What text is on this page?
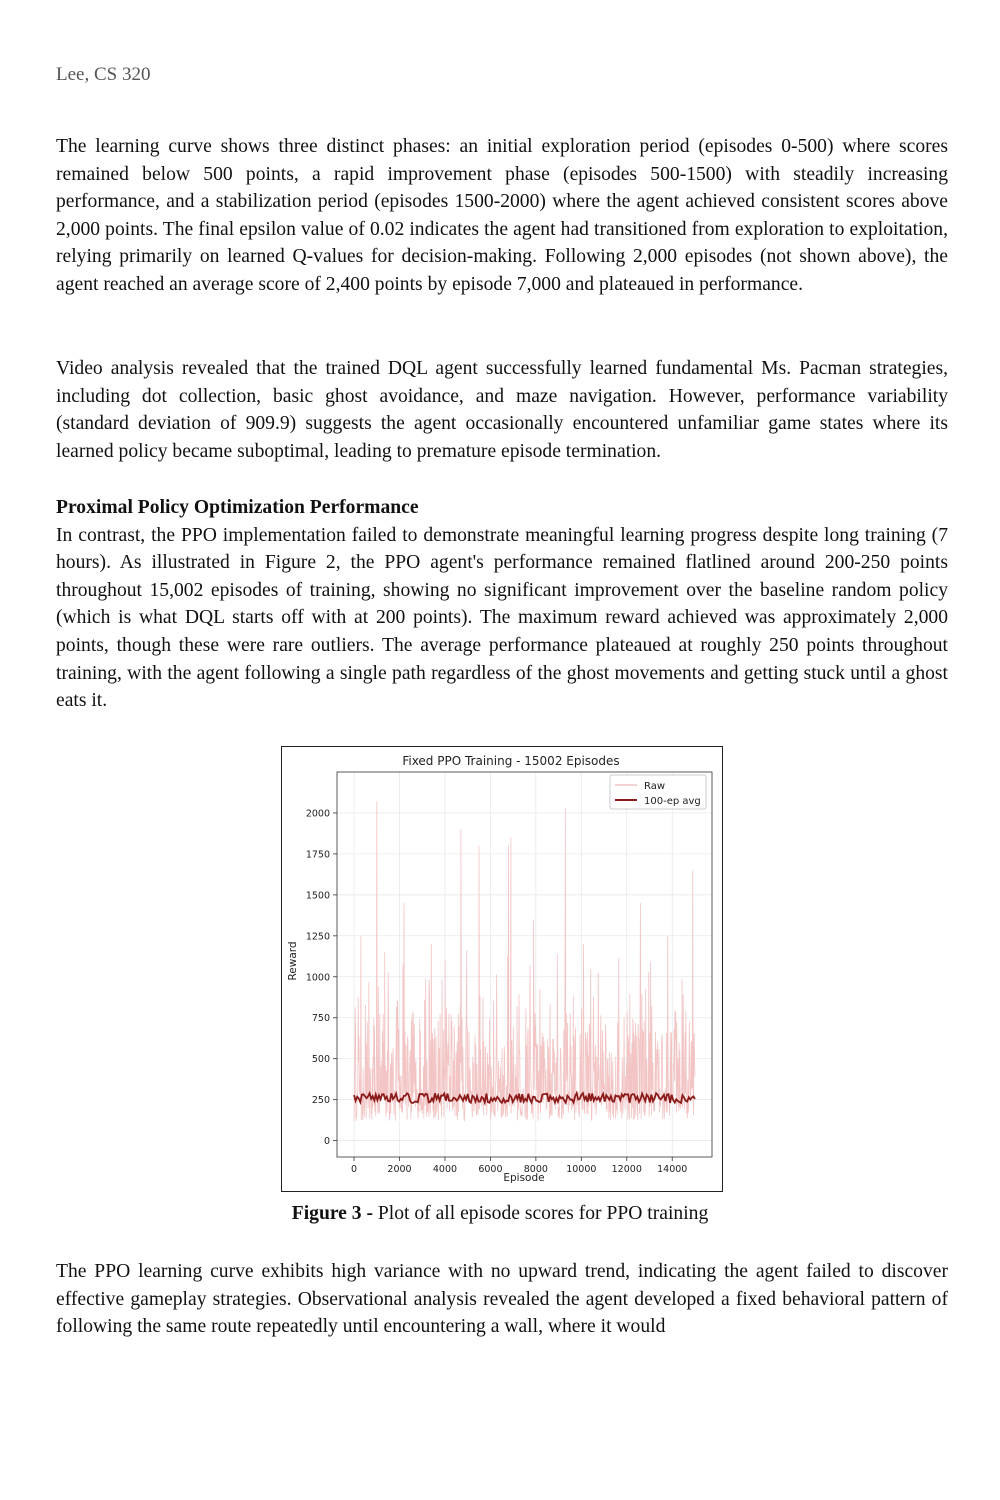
Lee, CS 320

The learning curve shows three distinct phases: an initial exploration period (episodes 0-500) where scores remained below 500 points, a rapid improvement phase (episodes 500-1500) with steadily increasing performance, and a stabilization period (episodes 1500-2000) where the agent achieved consistent scores above 2,000 points. The final epsilon value of 0.02 indicates the agent had transitioned from exploration to exploitation, relying primarily on learned Q-values for decision-making. Following 2,000 episodes (not shown above), the agent reached an average score of 2,400 points by episode 7,000 and plateaued in performance.

Video analysis revealed that the trained DQL agent successfully learned fundamental Ms. Pacman strategies, including dot collection, basic ghost avoidance, and maze navigation. However, performance variability (standard deviation of 909.9) suggests the agent occasionally encountered unfamiliar game states where its learned policy became suboptimal, leading to premature episode termination.

Proximal Policy Optimization Performance

In contrast, the PPO implementation failed to demonstrate meaningful learning progress despite long training (7 hours). As illustrated in Figure 2, the PPO agent's performance remained flatlined around 200-250 points throughout 15,002 episodes of training, showing no significant improvement over the baseline random policy (which is what DQL starts off with at 200 points). The maximum reward achieved was approximately 2,000 points, though these were rare outliers. The average performance plateaued at roughly 250 points throughout training, with the agent following a single path regardless of the ghost movements and getting stuck until a ghost eats it.

Fixed PPO Training - 15002 Episodes
Reward
Episode
0
250
500
750
1000
1250
1500
1750
2000
0	2000 4000 6000 8000 10000 12000 14000
Raw
100-ep avg
Figure 3 - Plot of all episode scores for PPO training

The PPO learning curve exhibits high variance with no upward trend, indicating the agent failed to discover effective gameplay strategies. Observational analysis revealed the agent developed a fixed behavioral pattern of following the same route repeatedly until encountering a wall, where it would
